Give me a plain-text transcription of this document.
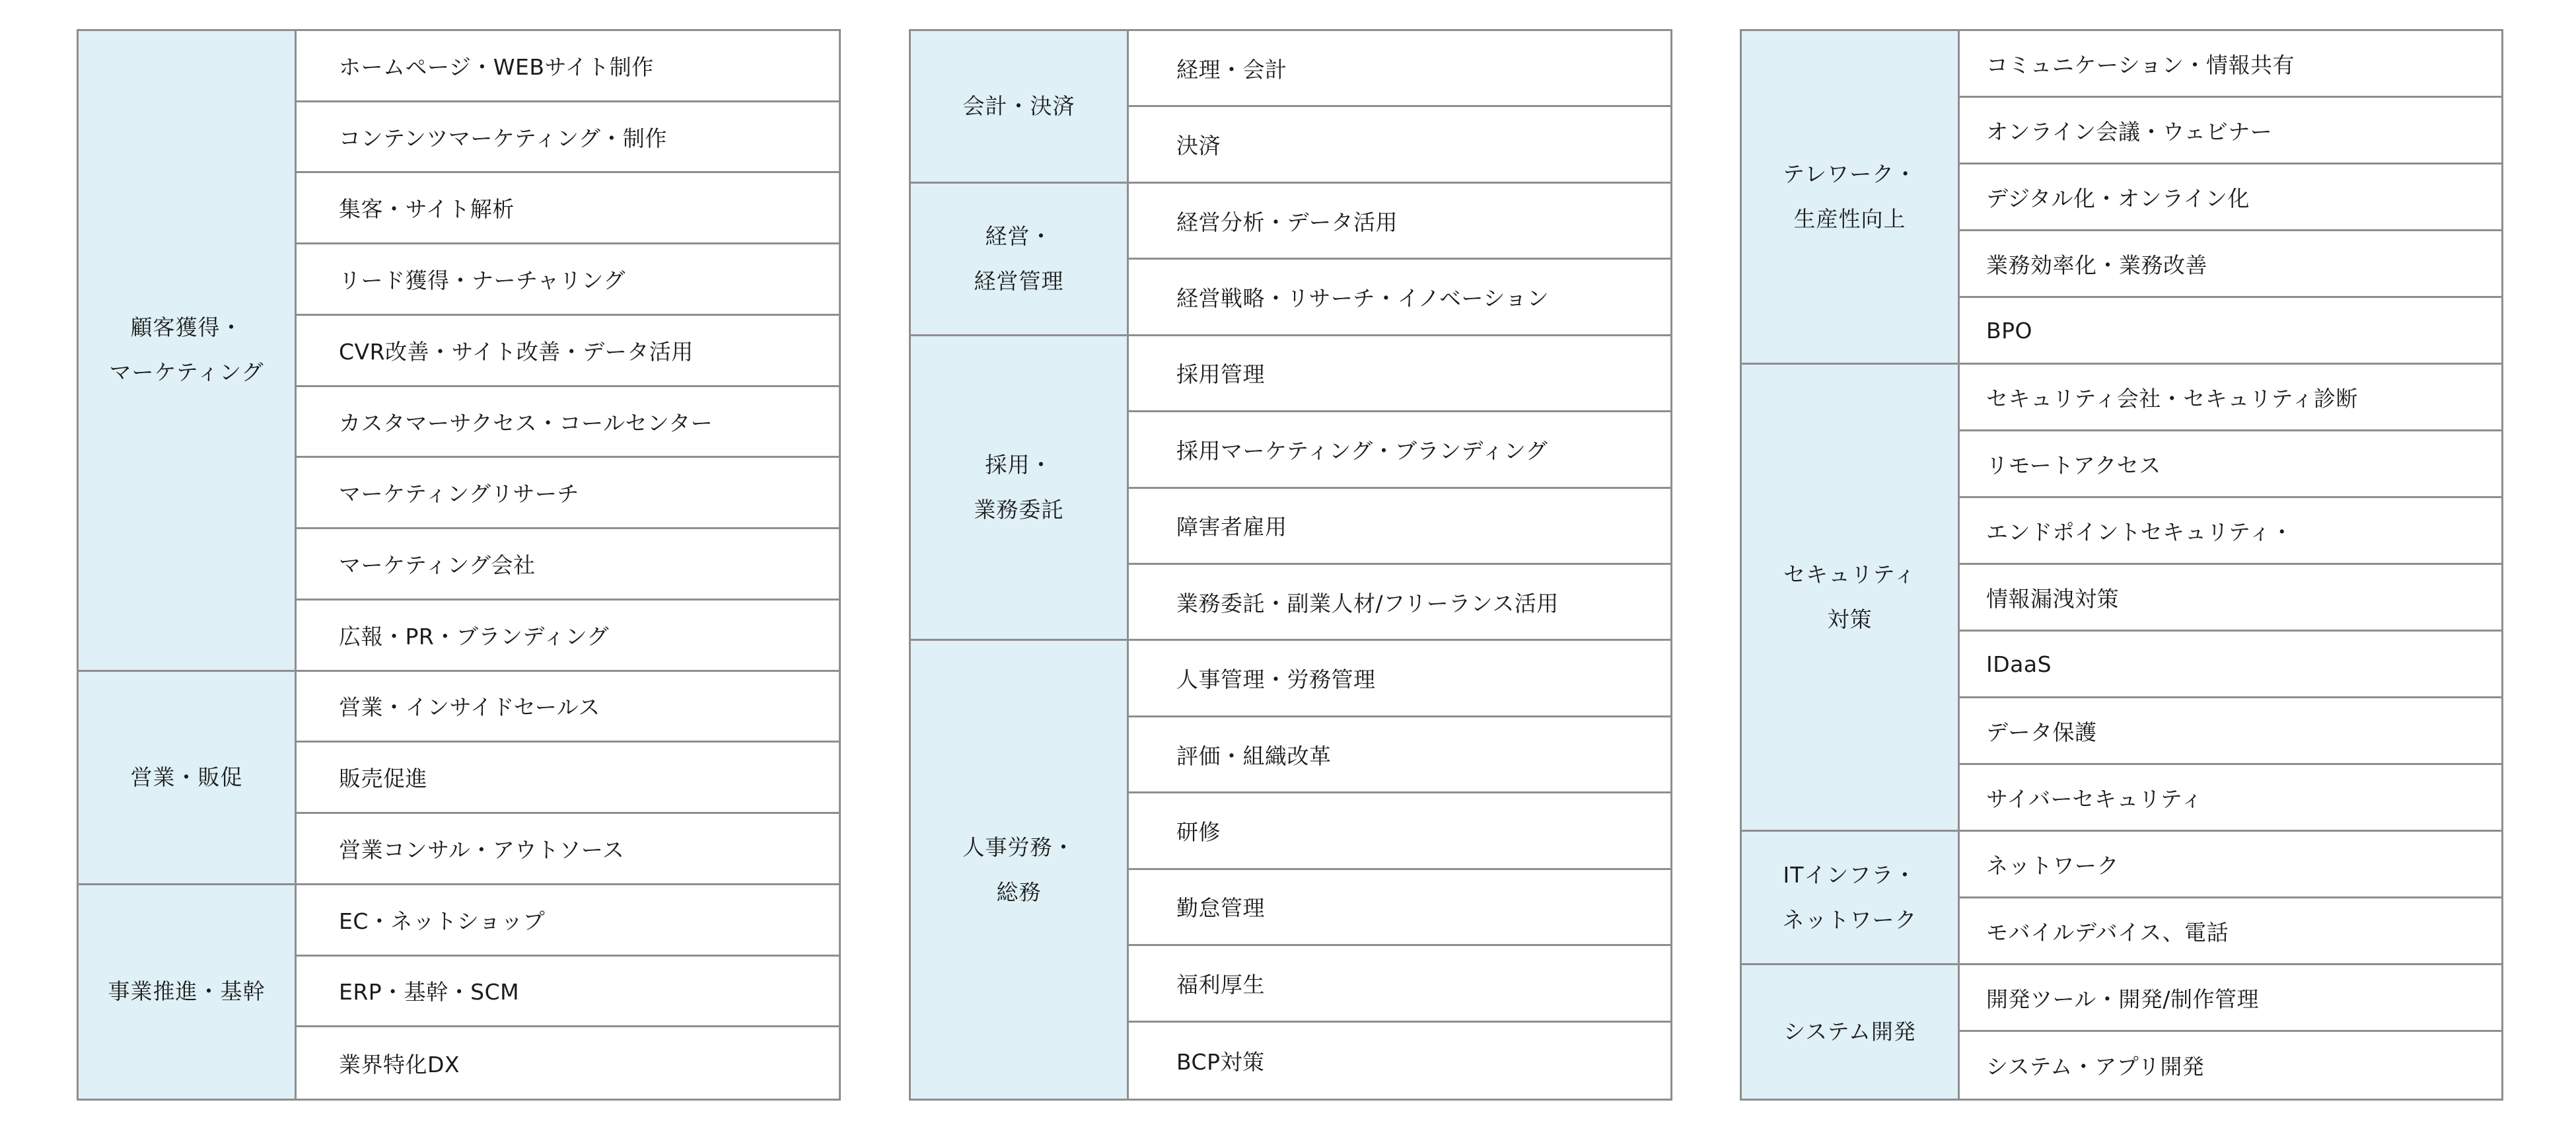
顧客獲得・
マーケティング
ホームページ・WEBサイト制作
コンテンツマーケティング・制作
集客・サイト解析
リード獲得・ナーチャリング
CVR改善・サイト改善・データ活用
カスタマーサクセス・コールセンター
マーケティングリサーチ
マーケティング会社
広報・PR・ブランディング
営業・販促
営業・インサイドセールス
販売促進
営業コンサル・アウトソース
事業推進・基幹
EC・ネットショップ
ERP・基幹・SCM
業界特化DX
会計・決済
経理・会計
決済
経営・
経営管理
経営分析・データ活用
経営戦略・リサーチ・イノベーション
採用・
業務委託
採用管理
採用マーケティング・ブランディング
障害者雇用
業務委託・副業人材/フリーランス活用
人事労務・
総務
人事管理・労務管理
評価・組織改革
研修
勤怠管理
福利厚生
BCP対策
テレワーク・
生産性向上
コミュニケーション・情報共有
オンライン会議・ウェビナー
デジタル化・オンライン化
業務効率化・業務改善
BPO
セキュリティ
対策
セキュリティ会社・セキュリティ診断
リモートアクセス
エンドポイントセキュリティ・
情報漏洩対策
IDaaS
データ保護
サイバーセキュリティ
ITインフラ・
ネットワーク
ネットワーク
モバイルデバイス、電話
システム開発
開発ツール・開発/制作管理
システム・アプリ開発
